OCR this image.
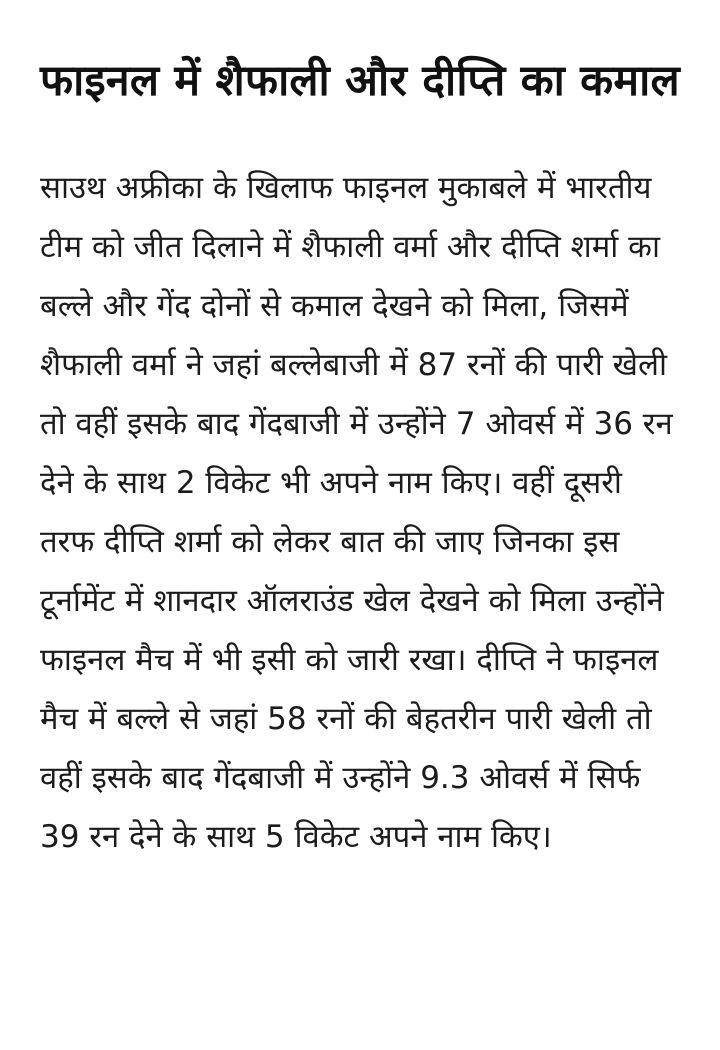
फाइनल में शैफाली और दीप्ति का कमाल

साउथ अफ्रीका के खिलाफ फाइनल मुकाबले में भारतीय टीम को जीत दिलाने में शैफाली वर्मा और दीप्ति शर्मा का बल्ले और गेंद दोनों से कमाल देखने को मिला, जिसमें शैफाली वर्मा ने जहां बल्लेबाजी में 87 रनों की पारी खेली तो वहीं इसके बाद गेंदबाजी में उन्होंने 7 ओवर्स में 36 रन देने के साथ 2 विकेट भी अपने नाम किए। वहीं दूसरी तरफ दीप्ति शर्मा को लेकर बात की जाए जिनका इस टूर्नामेंट में शानदार ऑलराउंड खेल देखने को मिला उन्होंने फाइनल मैच में भी इसी को जारी रखा। दीप्ति ने फाइनल मैच में बल्ले से जहां 58 रनों की बेहतरीन पारी खेली तो वहीं इसके बाद गेंदबाजी में उन्होंने 9.3 ओवर्स में सिर्फ 39 रन देने के साथ 5 विकेट अपने नाम किए।
